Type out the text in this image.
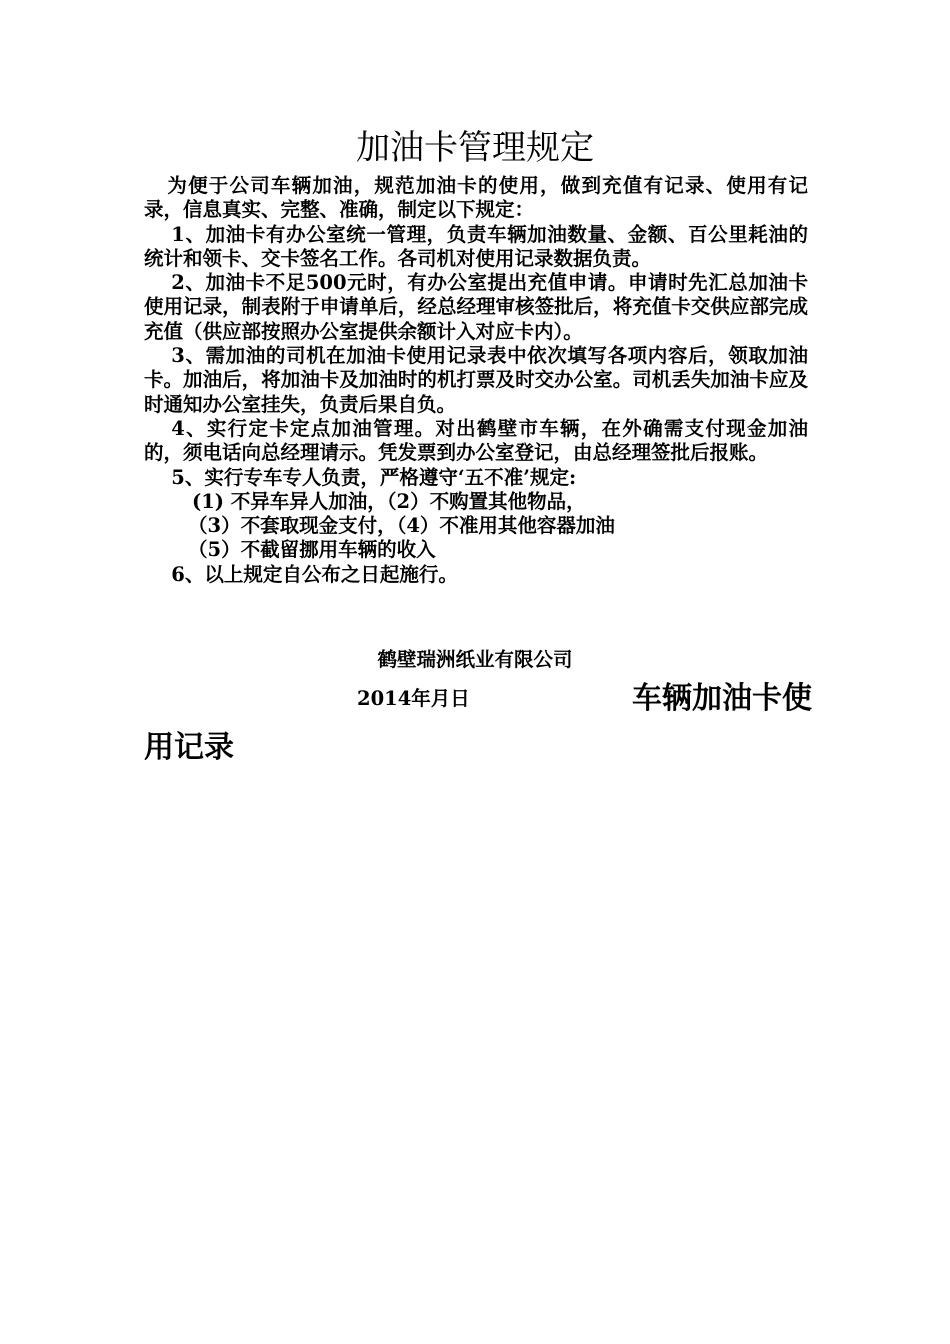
加油卡管理规定

为便于公司车辆加油，规范加油卡的使用，做到充值有记录、使用有记录，信息真实、完整、准确，制定以下规定：

1、加油卡有办公室统一管理，负责车辆加油数量、金额、百公里耗油的统计和领卡、交卡签名工作。各司机对使用记录数据负责。

2、加油卡不足500元时，有办公室提出充值申请。申请时先汇总加油卡使用记录，制表附于申请单后，经总经理审核签批后，将充值卡交供应部完成充值（供应部按照办公室提供余额计入对应卡内）。

3、需加油的司机在加油卡使用记录表中依次填写各项内容后，领取加油卡。加油后，将加油卡及加油时的机打票及时交办公室。司机丢失加油卡应及时通知办公室挂失，负责后果自负。

4、实行定卡定点加油管理。对出鹤壁市车辆，在外确需支付现金加油的，须电话向总经理请示。凭发票到办公室登记，由总经理签批后报账。

5、实行专车专人负责，严格遵守‘五不准’规定:

(1) 不异车异人加油，（2）不购置其他物品，

（3）不套取现金支付，（4）不准用其他容器加油

（5）不截留挪用车辆的收入

6、以上规定自公布之日起施行。

鹤壁瑞洲纸业有限公司
2014年月日	车辆加油卡使
用记录
